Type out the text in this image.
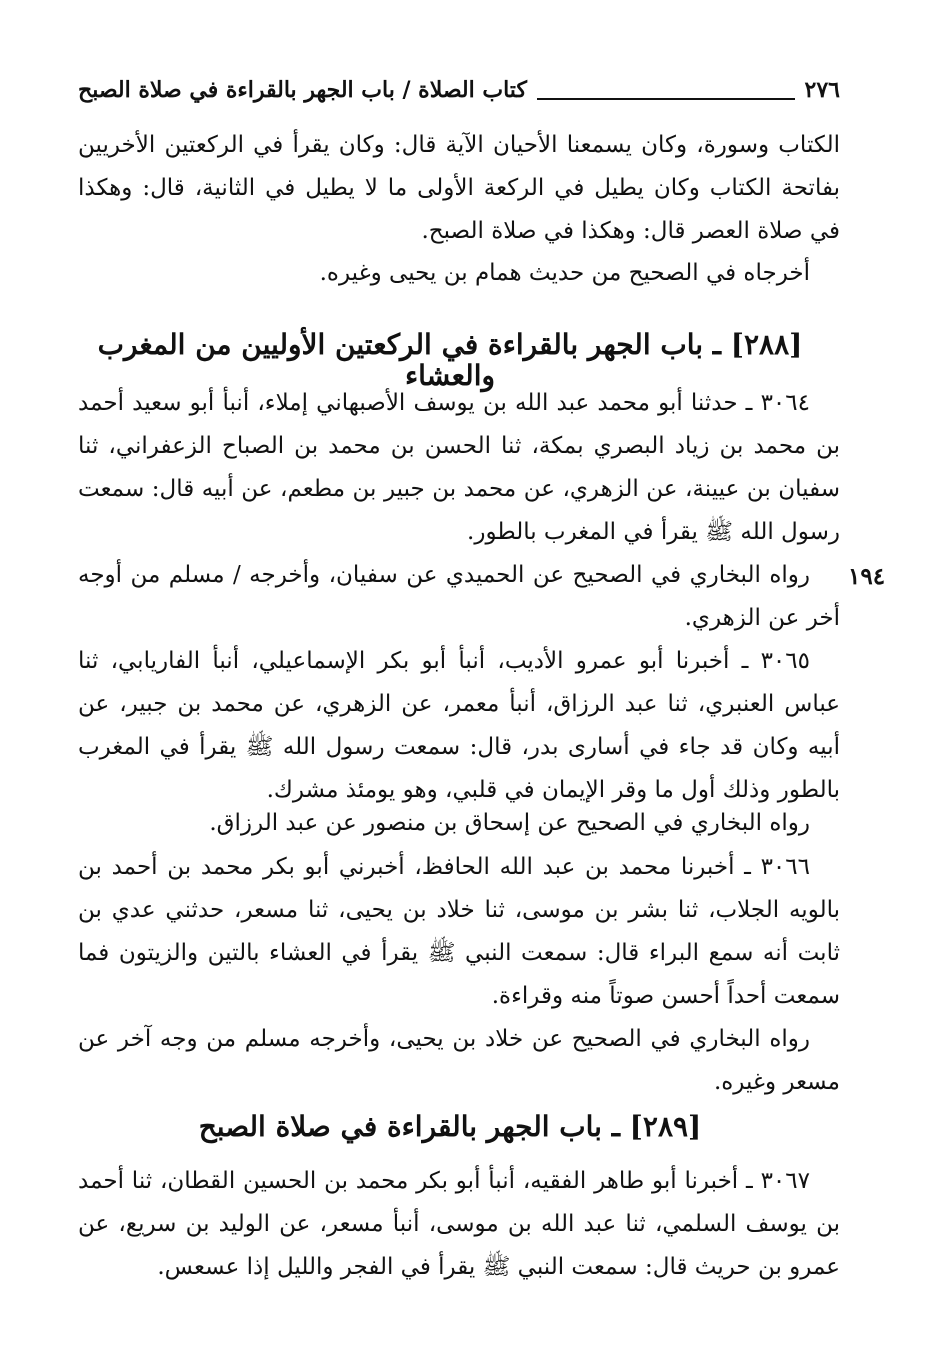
٢٧٦
كتاب الصلاة / باب الجهر بالقراءة في صلاة الصبح
الكتاب وسورة، وكان يسمعنا الأحيان الآية قال: وكان يقرأ في الركعتين الأخريين بفاتحة الكتاب وكان يطيل في الركعة الأولى ما لا يطيل في الثانية، قال: وهكذا في صلاة العصر قال: وهكذا في صلاة الصبح.
أخرجاه في الصحيح من حديث همام بن يحيى وغيره.
[٢٨٨] ـ باب الجهر بالقراءة في الركعتين الأوليين من المغرب والعشاء
٣٠٦٤ ـ حدثنا أبو محمد عبد الله بن يوسف الأصبهاني إملاء، أنبأ أبو سعيد أحمد بن محمد بن زياد البصري بمكة، ثنا الحسن بن محمد بن الصباح الزعفراني، ثنا سفيان بن عيينة، عن الزهري، عن محمد بن جبير بن مطعم، عن أبيه قال: سمعت رسول الله ﷺ يقرأ في المغرب بالطور.
١٩٤
رواه البخاري في الصحيح عن الحميدي عن سفيان، وأخرجه / مسلم من أوجه أخر عن الزهري.
٣٠٦٥ ـ أخبرنا أبو عمرو الأديب، أنبأ أبو بكر الإسماعيلي، أنبأ الفاريابي، ثنا عباس العنبري، ثنا عبد الرزاق، أنبأ معمر، عن الزهري، عن محمد بن جبير، عن أبيه وكان قد جاء في أسارى بدر، قال: سمعت رسول الله ﷺ يقرأ في المغرب بالطور وذلك أول ما وقر الإيمان في قلبي، وهو يومئذ مشرك.
رواه البخاري في الصحيح عن إسحاق بن منصور عن عبد الرزاق.
٣٠٦٦ ـ أخبرنا محمد بن عبد الله الحافظ، أخبرني أبو بكر محمد بن أحمد بن بالويه الجلاب، ثنا بشر بن موسى، ثنا خلاد بن يحيى، ثنا مسعر، حدثني عدي بن ثابت أنه سمع البراء قال: سمعت النبي ﷺ يقرأ في العشاء بالتين والزيتون فما سمعت أحداً أحسن صوتاً منه وقراءة.
رواه البخاري في الصحيح عن خلاد بن يحيى، وأخرجه مسلم من وجه آخر عن مسعر وغيره.
[٢٨٩] ـ باب الجهر بالقراءة في صلاة الصبح
٣٠٦٧ ـ أخبرنا أبو طاهر الفقيه، أنبأ أبو بكر محمد بن الحسين القطان، ثنا أحمد بن يوسف السلمي، ثنا عبد الله بن موسى، أنبأ مسعر، عن الوليد بن سريع، عن عمرو بن حريث قال: سمعت النبي ﷺ يقرأ في الفجر والليل إذا عسعس.
